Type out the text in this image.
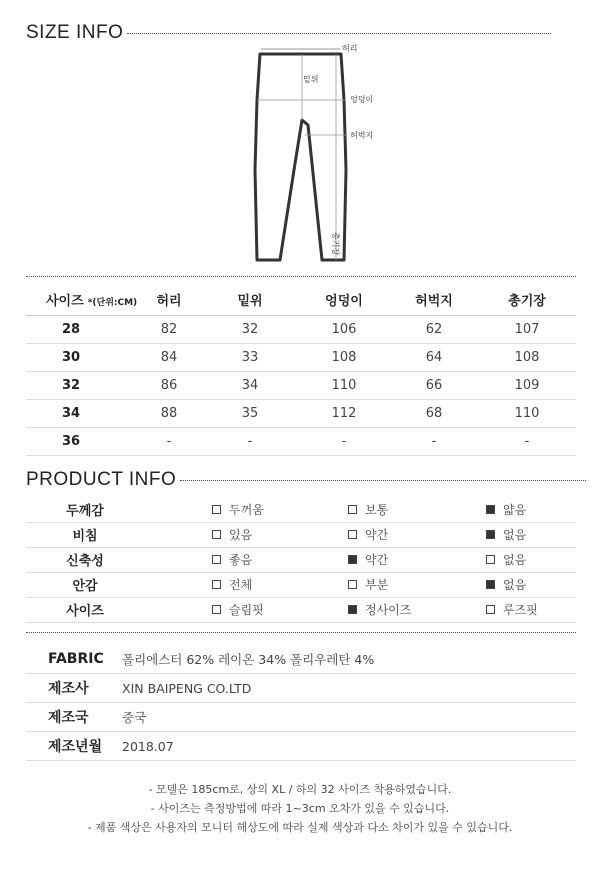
SIZE INFO
허리
밑위
엉덩이
허벅지
총기장
사이즈 *(단위:CM)	허리	밑위	엉덩이	허벅지	총기장
28	82	32	106	62	107
30	84	33	108	64	108
32	86	34	110	66	109
34	88	35	112	68	110
36	-	-	-	-	-
PRODUCT INFO
두께감		두꺼움	보통	얇음
비침		있음	약간	없음
신축성		좋음	약간	없음
안감		전체	부분	없음
사이즈		슬림핏	정사이즈	루즈핏
FABRIC	폴리에스터 62% 레이온 34% 폴리우레탄 4%
제조사	XIN BAIPENG CO.LTD
제조국	중국
제조년월	2018.07
- 모델은 185cm로, 상의 XL / 하의 32 사이즈 착용하였습니다.
- 사이즈는 측정방법에 따라 1~3cm 오차가 있을 수 있습니다.
- 제품 색상은 사용자의 모니터 해상도에 따라 실제 색상과 다소 차이가 있을 수 있습니다.
